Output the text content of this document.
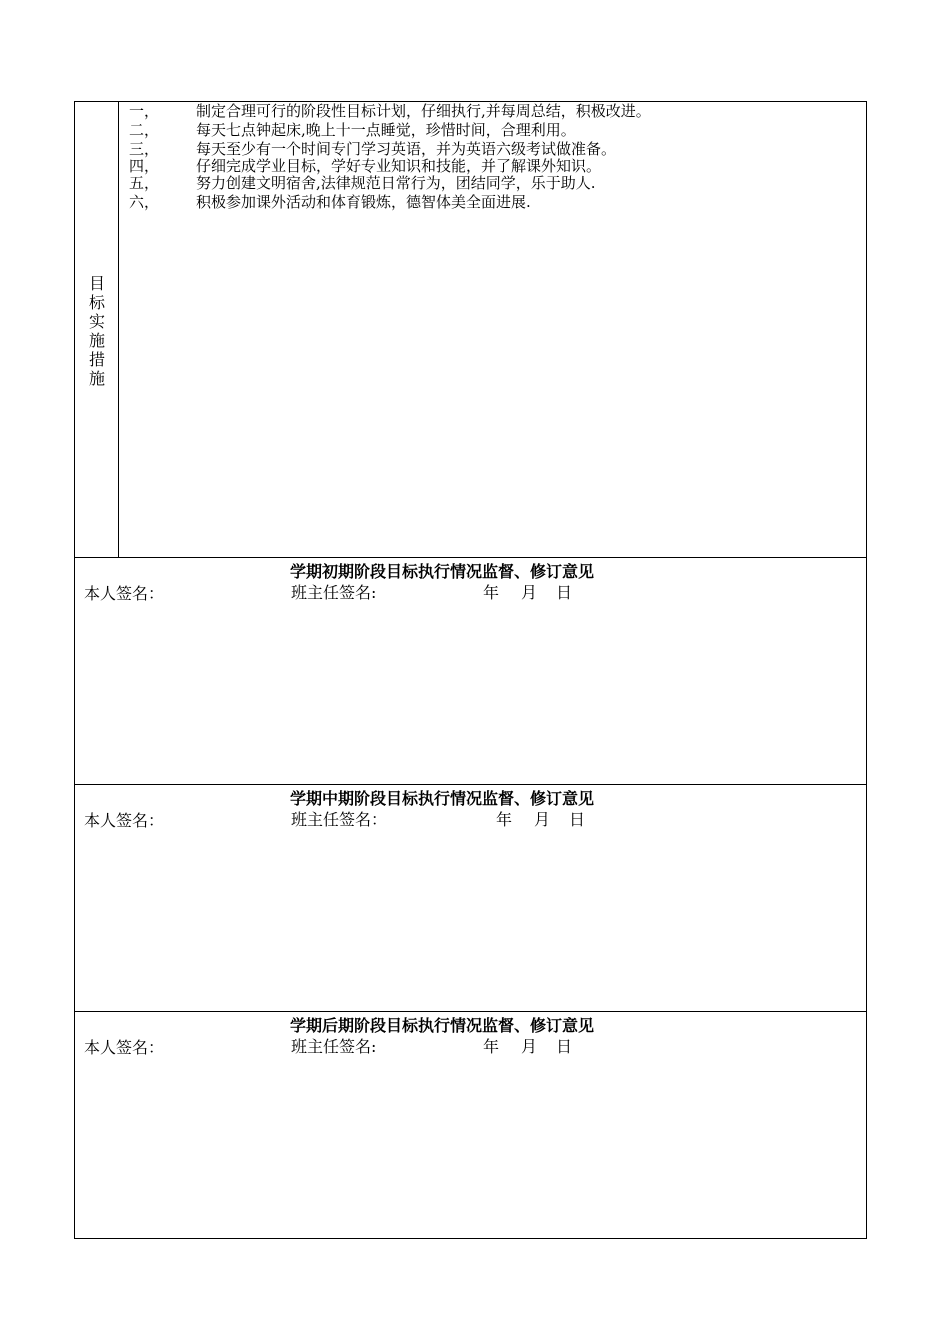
目标实施措施
一， 制定合理可行的阶段性目标计划，仔细执行,并每周总结，积极改进。
二， 每天七点钟起床,晚上十一点睡觉，珍惜时间，合理利用。
三， 每天至少有一个时间专门学习英语，并为英语六级考试做准备。
四， 仔细完成学业目标，学好专业知识和技能，并了解课外知识。
五， 努力创建文明宿舍,法律规范日常行为，团结同学，乐于助人.
六， 积极参加课外活动和体育锻炼，德智体美全面进展.
学期初期阶段目标执行情况监督、修订意见
本人签名：	班主任签名:	年 月 日
学期中期阶段目标执行情况监督、修订意见
本人签名：	班主任签名：	年 月 日
学期后期阶段目标执行情况监督、修订意见
本人签名：	班主任签名:	年 月 日
